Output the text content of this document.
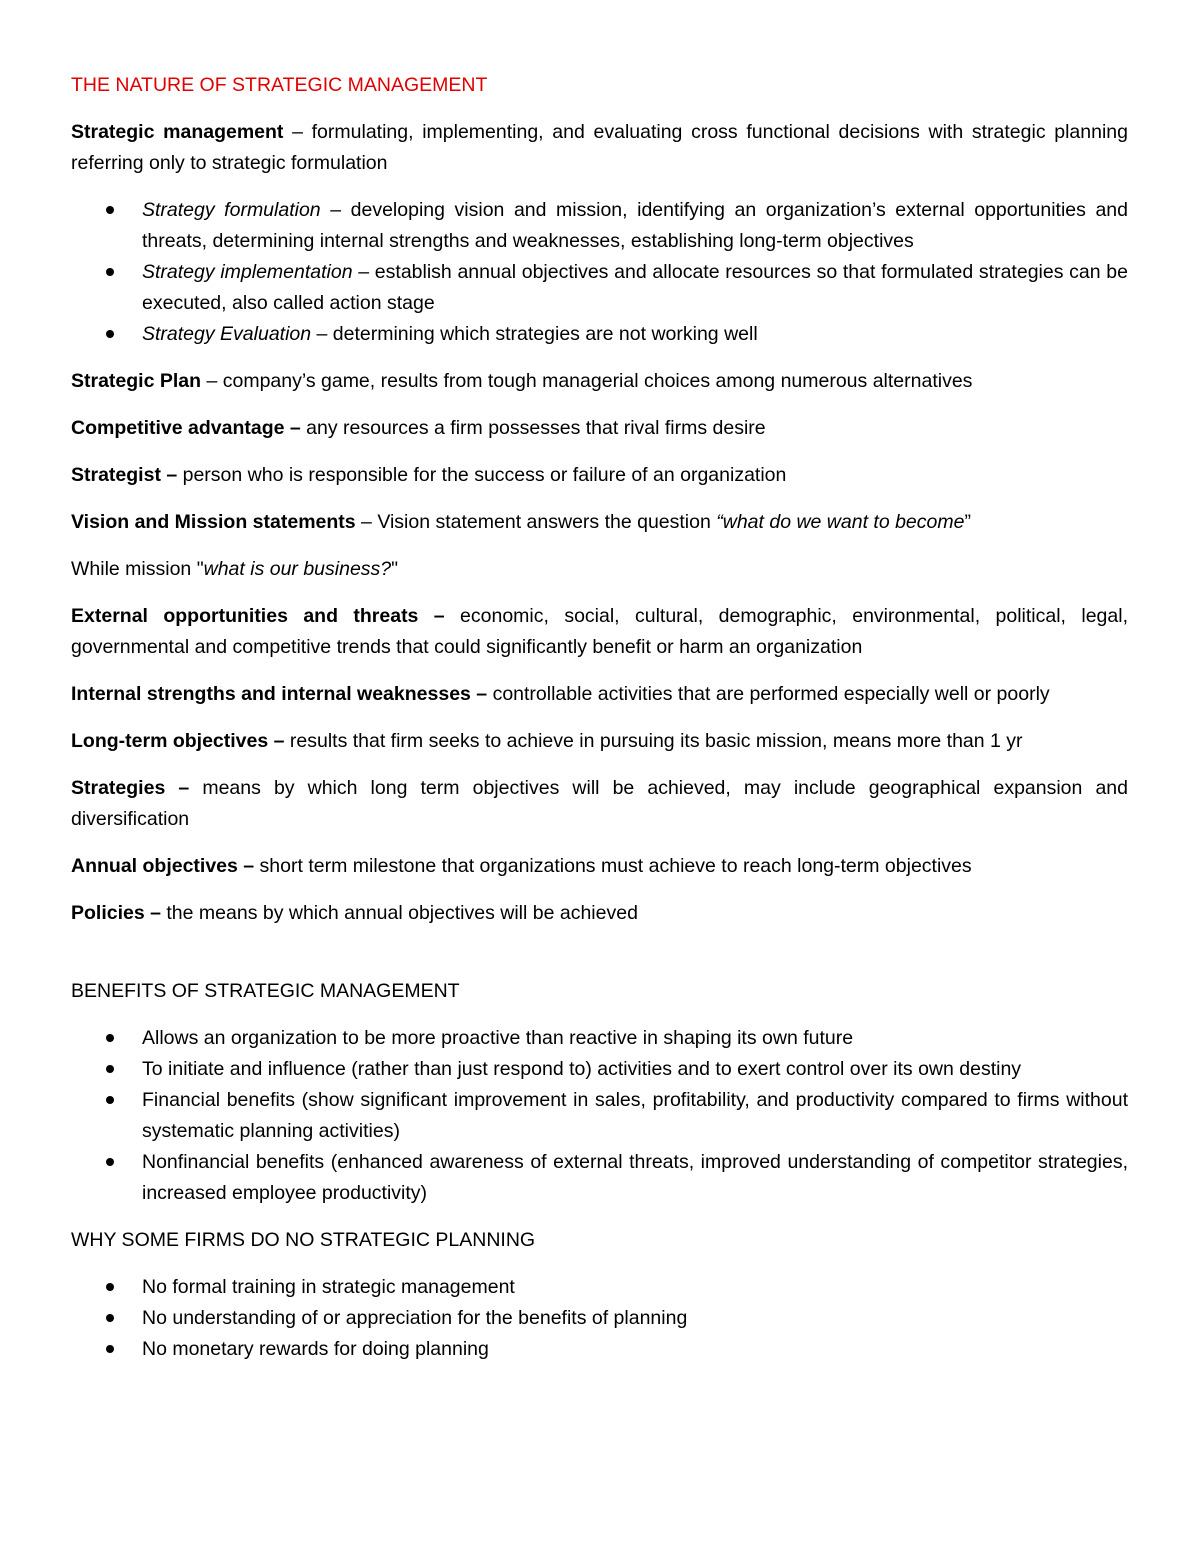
THE NATURE OF STRATEGIC MANAGEMENT

Strategic management – formulating, implementing, and evaluating cross functional decisions with strategic planning referring only to strategic formulation

Strategy formulation – developing vision and mission, identifying an organization’s external opportunities and threats, determining internal strengths and weaknesses, establishing long-term objectives
Strategy implementation – establish annual objectives and allocate resources so that formulated strategies can be executed, also called action stage
Strategy Evaluation – determining which strategies are not working well

Strategic Plan – company’s game, results from tough managerial choices among numerous alternatives

Competitive advantage – any resources a firm possesses that rival firms desire

Strategist – person who is responsible for the success or failure of an organization

Vision and Mission statements – Vision statement answers the question “what do we want to become”

While mission "what is our business?"

External opportunities and threats – economic, social, cultural, demographic, environmental, political, legal, governmental and competitive trends that could significantly benefit or harm an organization

Internal strengths and internal weaknesses – controllable activities that are performed especially well or poorly

Long-term objectives – results that firm seeks to achieve in pursuing its basic mission, means more than 1 yr

Strategies – means by which long term objectives will be achieved, may include geographical expansion and diversification

Annual objectives – short term milestone that organizations must achieve to reach long-term objectives

Policies – the means by which annual objectives will be achieved

BENEFITS OF STRATEGIC MANAGEMENT

Allows an organization to be more proactive than reactive in shaping its own future
To initiate and influence (rather than just respond to) activities and to exert control over its own destiny
Financial benefits (show significant improvement in sales, profitability, and productivity compared to firms without systematic planning activities)
Nonfinancial benefits (enhanced awareness of external threats, improved understanding of competitor strategies, increased employee productivity)

WHY SOME FIRMS DO NO STRATEGIC PLANNING

No formal training in strategic management
No understanding of or appreciation for the benefits of planning
No monetary rewards for doing planning
